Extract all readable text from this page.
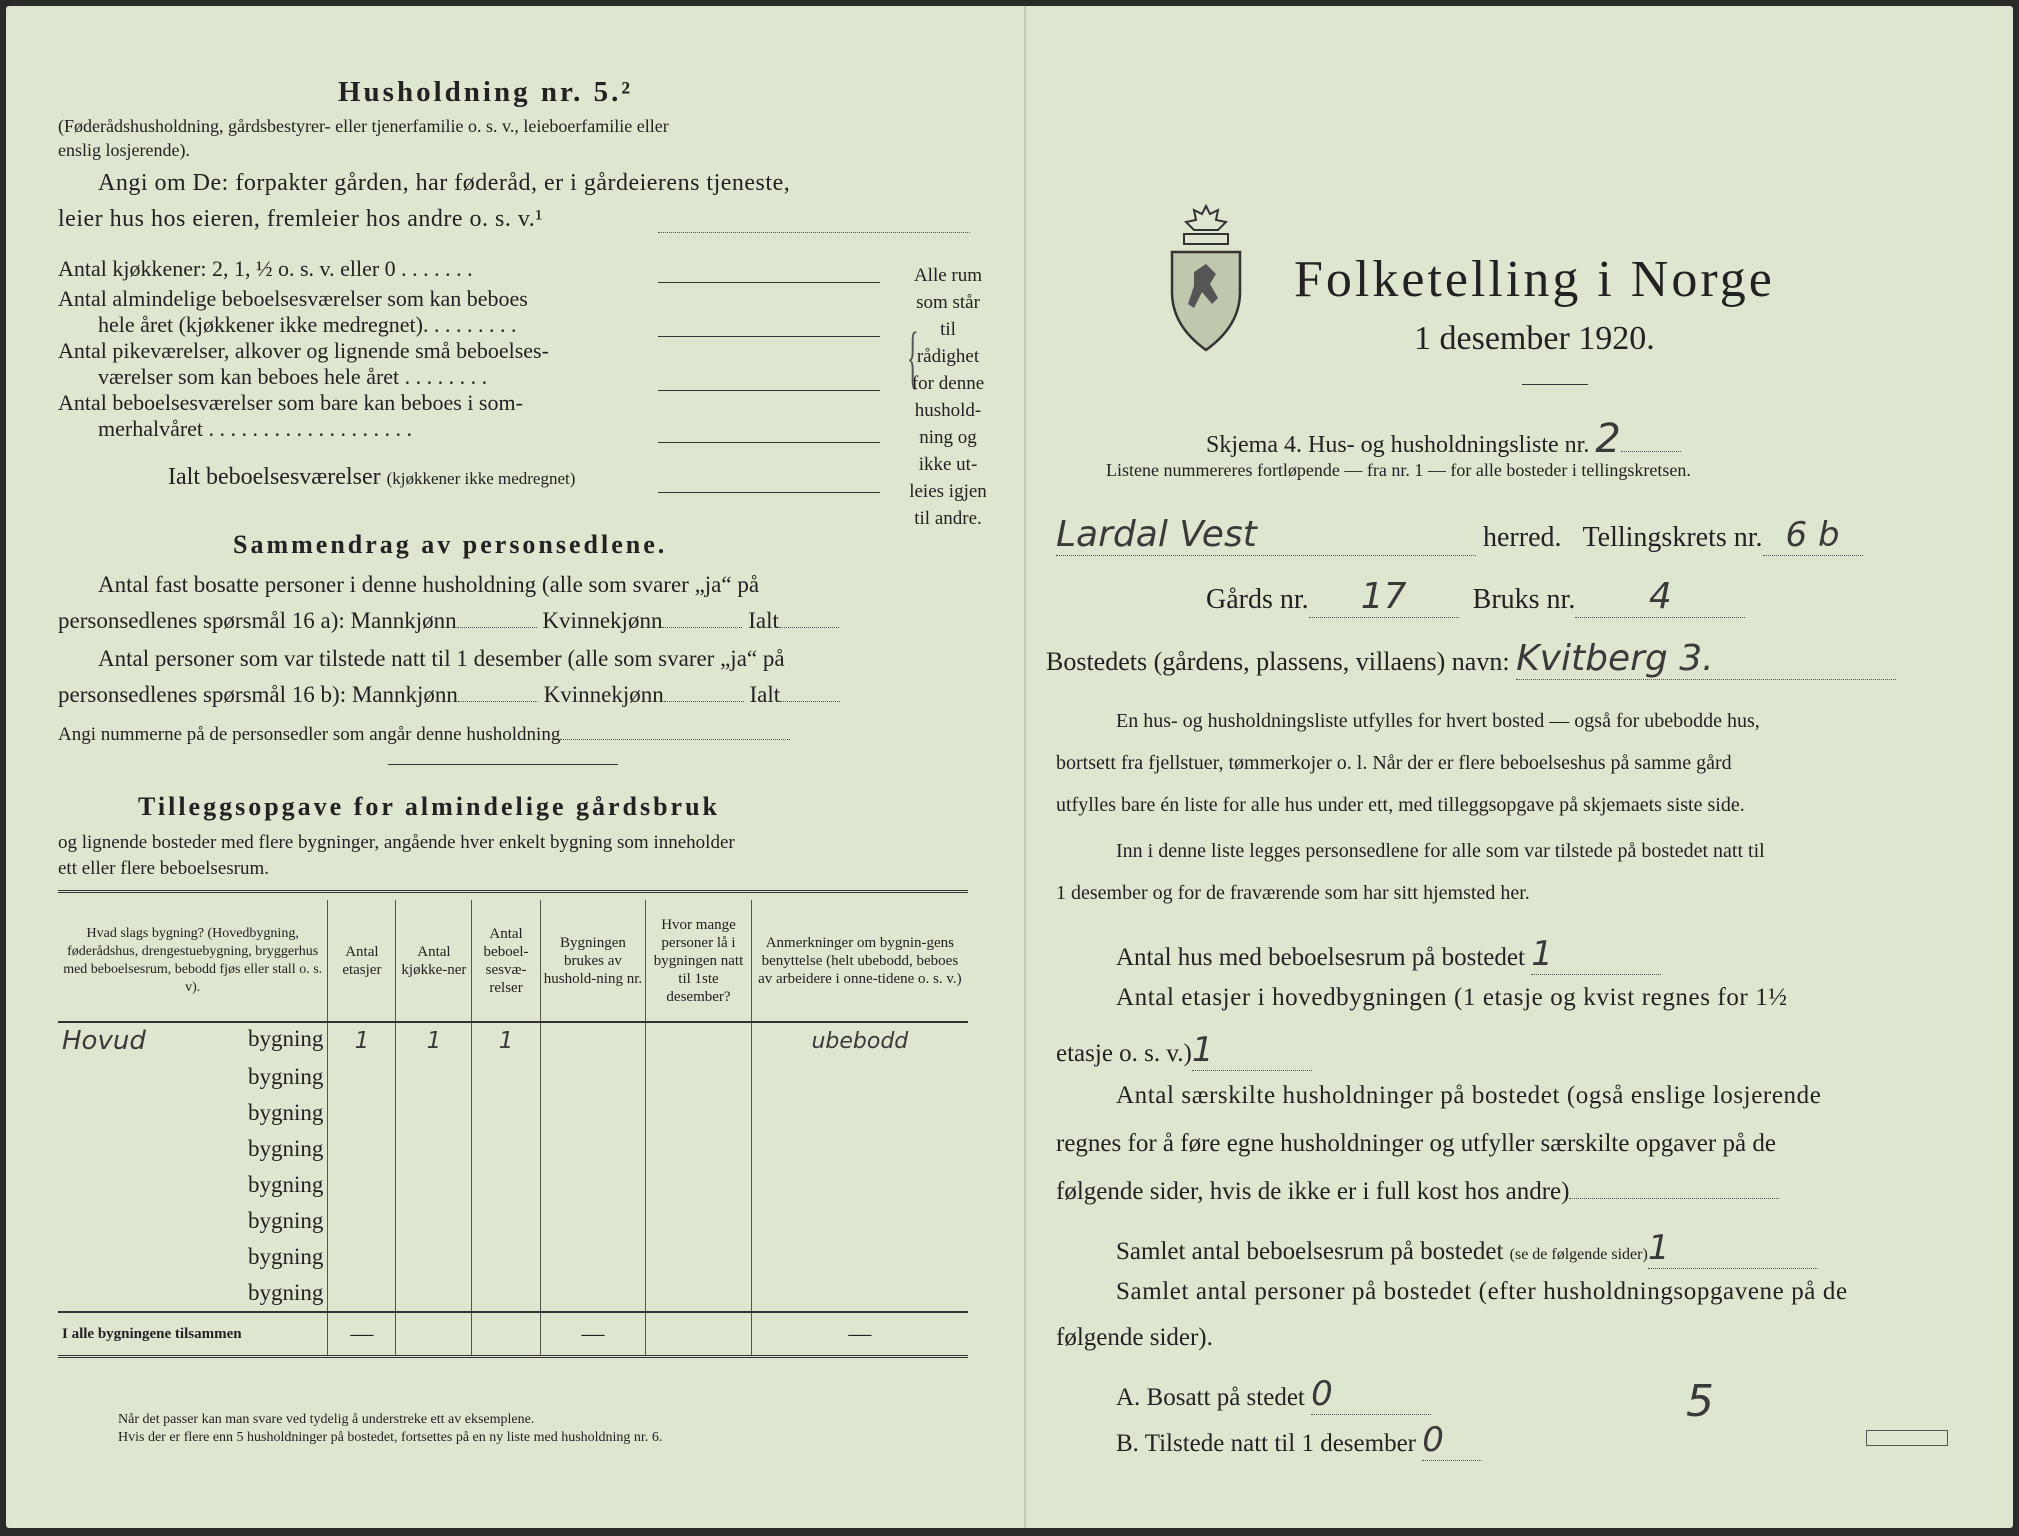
Husholdning nr. 5.²
(Føderådshusholdning, gårdsbestyrer- eller tjenerfamilie o. s. v., leieboerfamilie eller
enslig losjerende).
Angi om De: forpakter gården, har føderåd, er i gårdeierens tjeneste,
leier hus hos eieren, fremleier hos andre o. s. v.¹
Antal kjøkkener: 2, 1, ½ o. s. v. eller 0 . . . . . . .
Antal almindelige beboelsesværelser som kan beboes
hele året (kjøkkener ikke medregnet). . . . . . . . .
Antal pikeværelser, alkover og lignende små beboelses-
værelser som kan beboes hele året . . . . . . . .
Antal beboelsesværelser som bare kan beboes i som-
merhalvåret . . . . . . . . . . . . . . . . . . .
Ialt beboelsesværelser (kjøkkener ikke medregnet)
{
Alle rum
som står til
rådighet
for denne
hushold-
ning og
ikke ut-
leies igjen
til andre.
Sammendrag av personsedlene.
Antal fast bosatte personer i denne husholdning (alle som svarer „ja“ på
personsedlenes spørsmål 16 a): Mannkjønn	Kvinnekjønn	Ialt
Antal personer som var tilstede natt til 1 desember (alle som svarer „ja“ på
personsedlenes spørsmål 16 b): Mannkjønn	Kvinnekjønn	Ialt
Angi nummerne på de personsedler som angår denne husholdning
Tilleggsopgave for almindelige gårdsbruk
og lignende bosteder med flere bygninger, angående hver enkelt bygning som inneholder
ett eller flere beboelsesrum.
Hvad slags bygning? (Hovedbygning, føderådshus, drengestuebygning, bryggerhus med beboelsesrum, bebodd fjøs eller stall o. s. v).	Antal etasjer	Antal kjøkke-ner	Antal beboel-sesvæ-relser	Bygningen brukes av hushold-ning nr.	Hvor mange personer lå i bygningen natt til 1ste desember?	Anmerkninger om bygnin-gens benyttelse (helt ubebodd, beboes av arbeidere i onne-tidene o. s. v.)

Hovud bygning	1	1	1			ubebodd
bygning						
bygning						
bygning						
bygning						
bygning						
bygning						
bygning						
I alle bygningene tilsammen	—			—		—
Når det passer kan man svare ved tydelig å understreke ett av eksemplene.
Hvis der er flere enn 5 husholdninger på bostedet, fortsettes på en ny liste med husholdning nr. 6.
Folketelling i Norge
1 desember 1920.
Skjema 4. Hus- og husholdningsliste nr. 2
Listene nummereres fortløpende — fra nr. 1 — for alle bosteder i tellingskretsen.
Lardal Vest	herred. Tellingskrets nr. 6 b
Gårds nr. 17 Bruks nr. 4
Bostedets (gårdens, plassens, villaens) navn: Kvitberg 3.
En hus- og husholdningsliste utfylles for hvert bosted — også for ubebodde hus,
bortsett fra fjellstuer, tømmerkojer o. l. Når der er flere beboelseshus på samme gård
utfylles bare én liste for alle hus under ett, med tilleggsopgave på skjemaets siste side.
Inn i denne liste legges personsedlene for alle som var tilstede på bostedet natt til
1 desember og for de fraværende som har sitt hjemsted her.
Antal hus med beboelsesrum på bostedet 1
Antal etasjer i hovedbygningen (1 etasje og kvist regnes for 1½
etasje o. s. v.)1
Antal særskilte husholdninger på bostedet (også enslige losjerende
regnes for å føre egne husholdninger og utfyller særskilte opgaver på de
følgende sider, hvis de ikke er i full kost hos andre)
Samlet antal beboelsesrum på bostedet (se de følgende sider)1
Samlet antal personer på bostedet (efter husholdningsopgavene på de
følgende sider).
A. Bosatt på stedet 0
B. Tilstede natt til 1 desember 0
5
